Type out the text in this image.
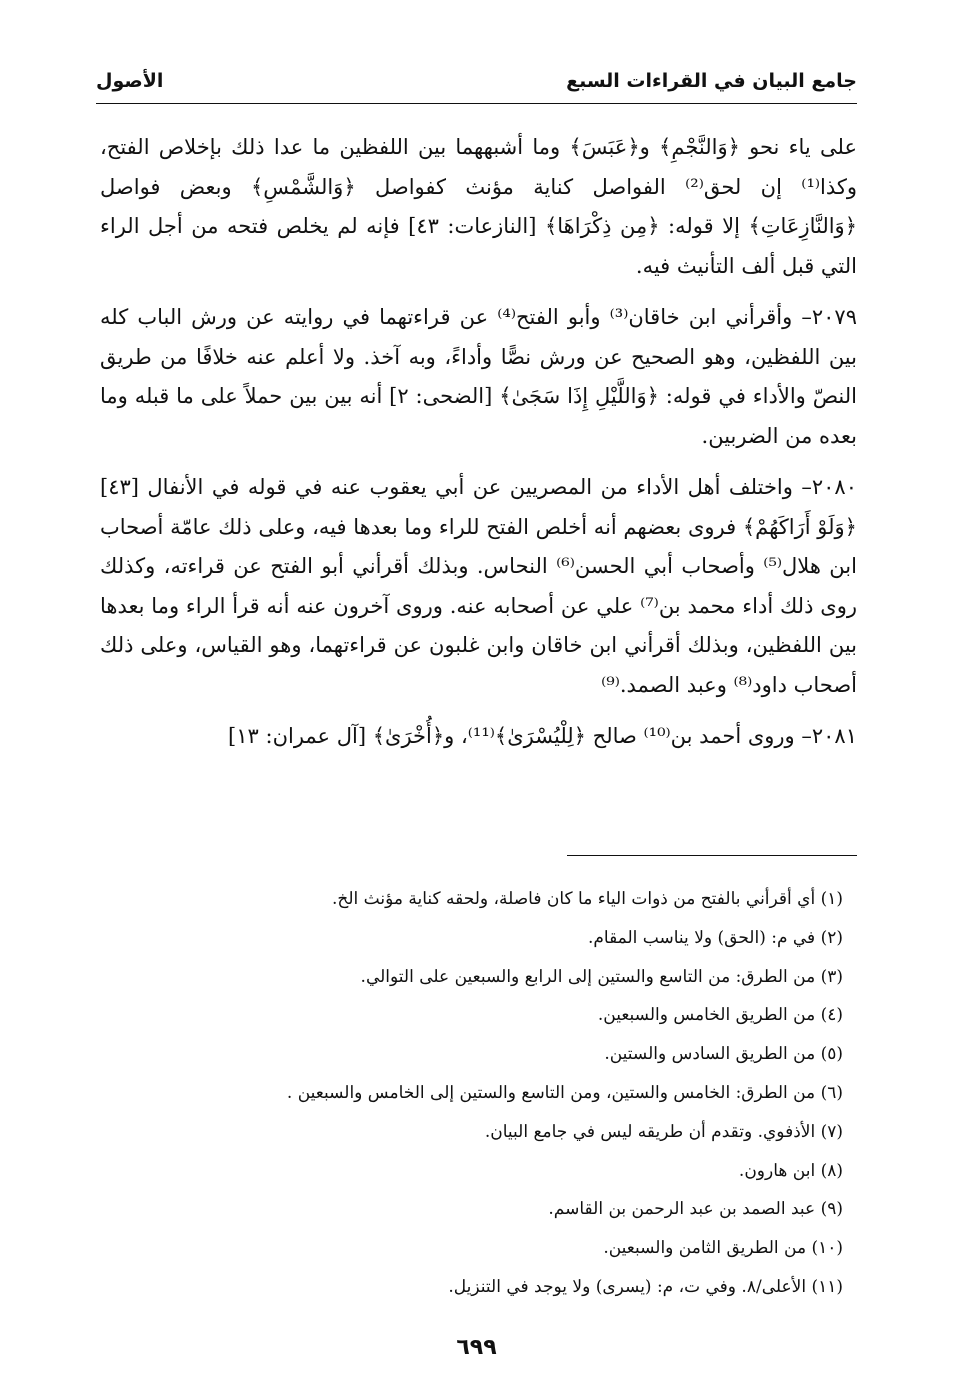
جامع البيان في القراءات السبع
الأصول

على ياء نحو ﴿وَالنَّجْمِ﴾ و﴿عَبَسَ﴾ وما أشبههما بين اللفظين ما عدا ذلك بإخلاص الفتح، وكذا⁽¹⁾ إن لحق⁽²⁾ الفواصل كناية مؤنث كفواصل ﴿وَالشَّمْسِ﴾ وبعض فواصل ﴿وَالنَّازِعَاتِ﴾ إلا قوله: ﴿مِن ذِكْرَاهَا﴾ [النازعات: ٤٣] فإنه لم يخلص فتحه من أجل الراء التي قبل ألف التأنيث فيه.

٢٠٧٩– وأقرأني ابن خاقان⁽³⁾ وأبو الفتح⁽⁴⁾ عن قراءتهما في روايته عن ورش الباب كله بين اللفظين، وهو الصحيح عن ورش نصًّا وأداءً، وبه آخذ. ولا أعلم عنه خلافًا من طريق النصّ والأداء في قوله: ﴿وَاللَّيْلِ إِذَا سَجَىٰ﴾ [الضحى: ٢] أنه بين بين حملاً على ما قبله وما بعده من الضربين.

٢٠٨٠– واختلف أهل الأداء من المصريين عن أبي يعقوب عنه في قوله في الأنفال [٤٣] ﴿وَلَوْ أَرَاكَهُمْ﴾ فروى بعضهم أنه أخلص الفتح للراء وما بعدها فيه، وعلى ذلك عامّة أصحاب ابن هلال⁽⁵⁾ وأصحاب أبي الحسن⁽⁶⁾ النحاس. وبذلك أقرأني أبو الفتح عن قراءته، وكذلك روى ذلك أداء محمد بن⁽⁷⁾ علي عن أصحابه عنه. وروى آخرون عنه أنه قرأ الراء وما بعدها بين اللفظين، وبذلك أقرأني ابن خاقان وابن غلبون عن قراءتهما، وهو القياس، وعلى ذلك أصحاب داود⁽⁸⁾ وعبد الصمد.⁽⁹⁾

٢٠٨١– وروى أحمد بن⁽¹⁰⁾ صالح ﴿لِلْيُسْرَىٰ﴾⁽¹¹⁾، و﴿أُخْرَىٰ﴾ [آل عمران: ١٣]

(١) أي أقرأني بالفتح من ذوات الياء ما كان فاصلة، ولحقه كناية مؤنث الخ.
(٢) في م: (الحق) ولا يناسب المقام.
(٣) من الطرق: من التاسع والستين إلى الرابع والسبعين على التوالي.
(٤) من الطريق الخامس والسبعين.
(٥) من الطريق السادس والستين.
(٦) من الطرق: الخامس والستين، ومن التاسع والستين إلى الخامس والسبعين .
(٧) الأذفوي. وتقدم أن طريقه ليس في جامع البيان.
(٨) ابن هارون.
(٩) عبد الصمد بن عبد الرحمن بن القاسم.
(١٠) من الطريق الثامن والسبعين.
(١١) الأعلى/٨. وفي ت، م: (يسرى) ولا يوجد في التنزيل.
٦٩٩
